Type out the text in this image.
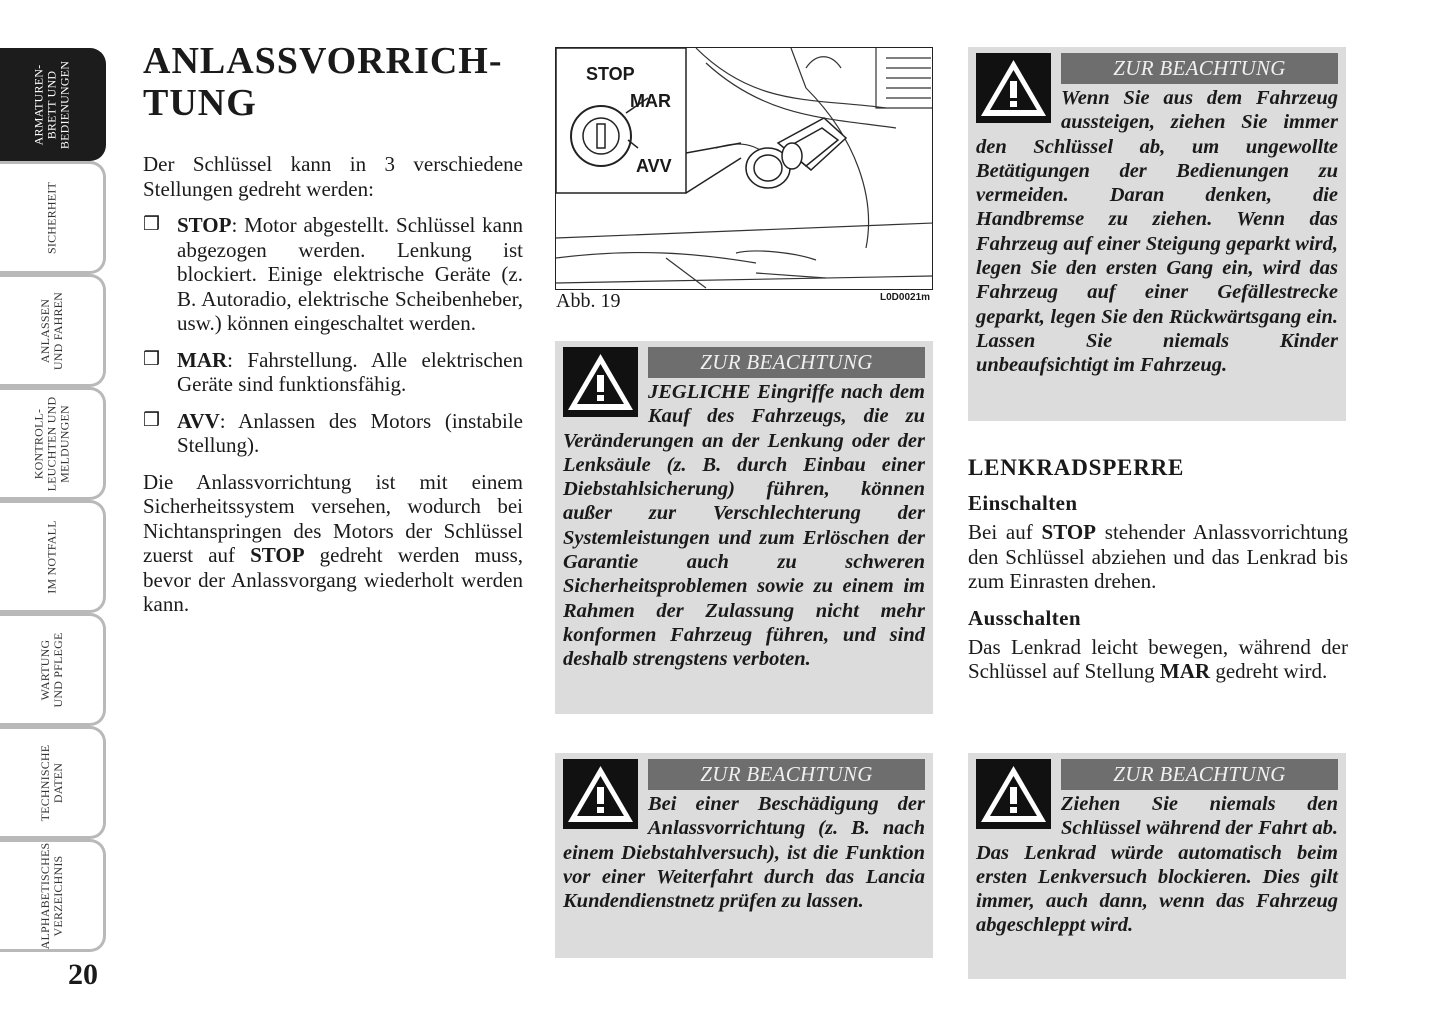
ARMATUREN-
BRETT UND
BEDIENUNGEN
SICHERHEIT
ANLASSEN
UND FAHREN
KONTROLL-
LEUCHTEN UND
MELDUNGEN
IM NOTFALL
WARTUNG
UND PFLEGE
TECHNISCHE
DATEN
ALPHABETISCHES
VERZEICHNIS
20
ANLASSVORRICH-
TUNG

Der Schlüssel kann in 3 verschiedene Stellungen gedreht werden:

❒ STOP: Motor abgestellt. Schlüssel kann abgezogen werden. Lenkung ist blockiert. Einige elektrische Geräte (z. B. Autoradio, elektrische Scheibenheber, usw.) können eingeschaltet werden.
❒ MAR: Fahrstellung. Alle elektrischen Geräte sind funktionsfähig.
❒ AVV: Anlassen des Motors (instabile Stellung).

Die Anlassvorrichtung ist mit einem Sicherheitssystem versehen, wodurch bei Nichtanspringen des Motors der Schlüssel zuerst auf STOP gedreht werden muss, bevor der Anlassvorgang wiederholt werden kann.

STOP
MAR
AVV
Abb. 19	L0D0021m
ZUR BEACHTUNG

JEGLICHE Eingriffe nach dem Kauf des Fahrzeugs, die zu Veränderungen an der Lenkung oder der Lenksäule (z. B. durch Einbau einer Diebstahlsicherung) führen, können außer zur Verschlechterung der Systemleistungen und zum Erlöschen der Garantie auch zu schweren Sicherheitsproblemen sowie zu einem im Rahmen der Zulassung nicht mehr konformen Fahrzeug führen, und sind deshalb strengstens verboten.

ZUR BEACHTUNG

Bei einer Beschädigung der Anlassvorrichtung (z. B. nach einem Diebstahlversuch), ist die Funktion vor einer Weiterfahrt durch das Lancia Kundendienstnetz prüfen zu lassen.

ZUR BEACHTUNG

Wenn Sie aus dem Fahrzeug aussteigen, ziehen Sie immer den Schlüssel ab, um ungewollte Betätigungen der Bedienungen zu vermeiden. Daran denken, die Handbremse zu ziehen. Wenn das Fahrzeug auf einer Steigung geparkt wird, legen Sie den ersten Gang ein, wird das Fahrzeug auf einer Gefällestrecke geparkt, legen Sie den Rückwärtsgang ein. Lassen Sie niemals Kinder unbeaufsichtigt im Fahrzeug.

LENKRADSPERRE
Einschalten

Bei auf STOP stehender Anlassvorrichtung den Schlüssel abziehen und das Lenkrad bis zum Einrasten drehen.

Ausschalten

Das Lenkrad leicht bewegen, während der Schlüssel auf Stellung MAR gedreht wird.

ZUR BEACHTUNG

Ziehen Sie niemals den Schlüssel während der Fahrt ab. Das Lenkrad würde automatisch beim ersten Lenkversuch blockieren. Dies gilt immer, auch dann, wenn das Fahrzeug abgeschleppt wird.
